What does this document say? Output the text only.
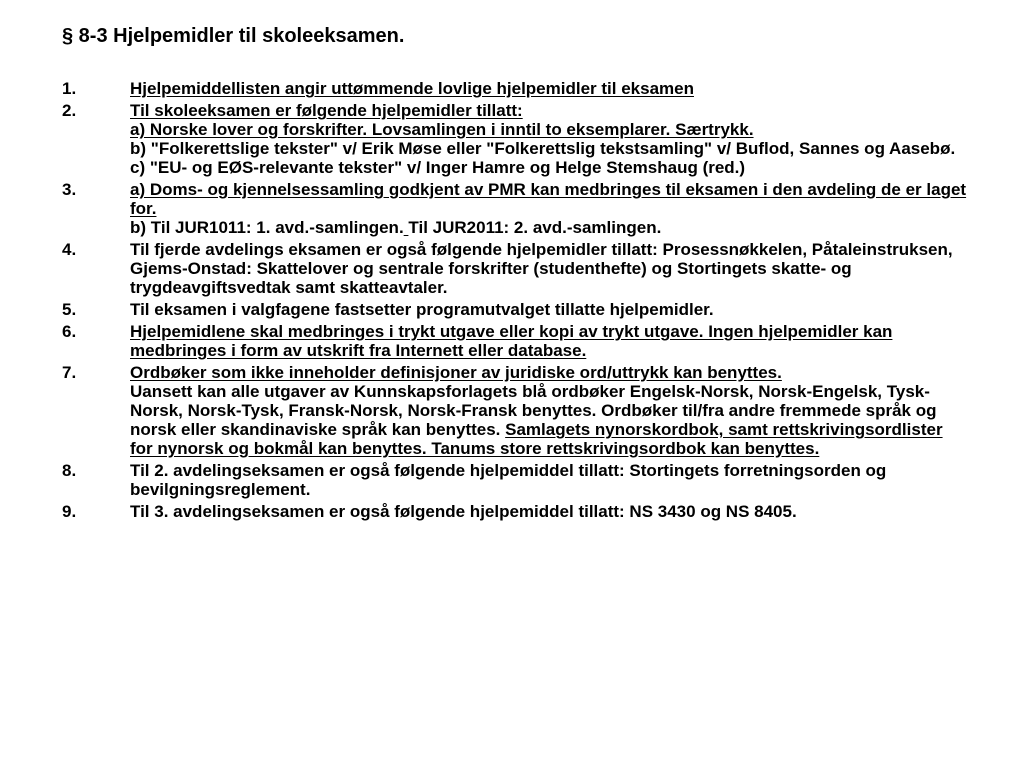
§ 8-3 Hjelpemidler til skoleeksamen.
1.	Hjelpemiddellisten angir uttømmende lovlige hjelpemidler til eksamen
2.	Til skoleeksamen er følgende hjelpemidler tillatt:
a) Norske lover og forskrifter. Lovsamlingen i inntil to eksemplarer. Særtrykk.
b) "Folkerettslige tekster" v/ Erik Møse eller "Folkerettslig tekstsamling" v/ Buflod, Sannes og Aasebø.
c) "EU- og EØS-relevante tekster" v/ Inger Hamre og Helge Stemshaug (red.)
3.	a) Doms- og kjennelsessamling godkjent av PMR kan medbringes til eksamen i den avdeling de er laget for.
b) Til JUR1011: 1. avd.-samlingen. Til JUR2011: 2. avd.-samlingen.
4.	Til fjerde avdelings eksamen er også følgende hjelpemidler tillatt: Prosessnøkkelen, Påtaleinstruksen, Gjems-Onstad: Skattelover og sentrale forskrifter (studenthefte) og Stortingets skatte- og trygdeavgiftsvedtak samt skatteavtaler.
5.	Til eksamen i valgfagene fastsetter programutvalget tillatte hjelpemidler.
6.	Hjelpemidlene skal medbringes i trykt utgave eller kopi av trykt utgave. Ingen hjelpemidler kan medbringes i form av utskrift fra Internett eller database.
7.	Ordbøker som ikke inneholder definisjoner av juridiske ord/uttrykk kan benyttes.
Uansett kan alle utgaver av Kunnskapsforlagets blå ordbøker Engelsk-Norsk, Norsk-Engelsk, Tysk-Norsk, Norsk-Tysk, Fransk-Norsk, Norsk-Fransk benyttes. Ordbøker til/fra andre fremmede språk og norsk eller skandinaviske språk kan benyttes. Samlagets nynorskordbok, samt rettskrivingsordlister for nynorsk og bokmål kan benyttes. Tanums store rettskrivingsordbok kan benyttes.
8.	Til 2. avdelingseksamen er også følgende hjelpemiddel tillatt: Stortingets forretningsorden og bevilgningsreglement.
9.	Til 3. avdelingseksamen er også følgende hjelpemiddel tillatt: NS 3430 og NS 8405.
